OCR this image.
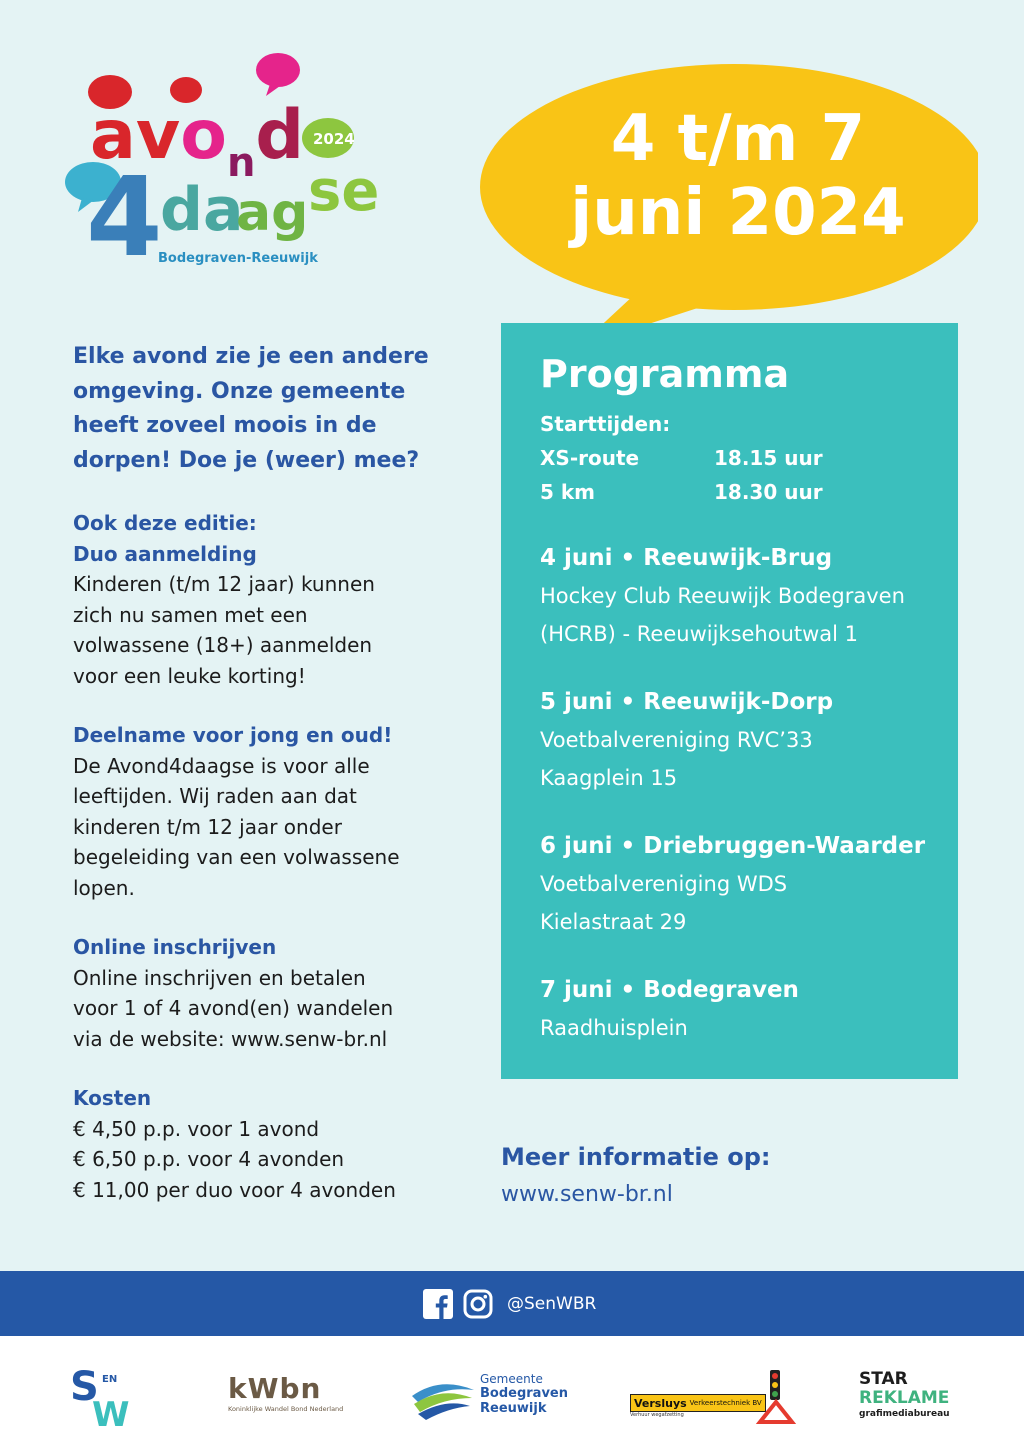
avo$_n$d 2024
4
da
ag se
Bodegraven-Reeuwijk
4 t/m 7
juni 2024
Programma
Starttijden:
XS-route	18.15 uur
5 km	18.30 uur
4 juni • Reeuwijk-Brug
Hockey Club Reeuwijk Bodegraven
(HCRB) - Reeuwijksehoutwal 1
5 juni • Reeuwijk-Dorp
Voetbalvereniging RVC’33
Kaagplein 15
6 juni • Driebruggen-Waarder
Voetbalvereniging WDS
Kielastraat 29
7 juni • Bodegraven
Raadhuisplein
Elke avond zie je een andere
omgeving. Onze gemeente
heeft zoveel moois in de
dorpen! Doe je (weer) mee?
Ook deze editie:
Duo aanmelding
Kinderen (t/m 12 jaar) kunnen
zich nu samen met een
volwassene (18+) aanmelden
voor een leuke korting!
Deelname voor jong en oud!
De Avond4daagse is voor alle
leeftijden. Wij raden aan dat
kinderen t/m 12 jaar onder
begeleiding van een volwassene
lopen.
Online inschrijven
Online inschrijven en betalen
voor 1 of 4 avond(en) wandelen
via de website: www.senw-br.nl
Kosten
€ 4,50 p.p. voor 1 avond
€ 6,50 p.p. voor 4 avonden
€ 11,00 per duo voor 4 avonden
Meer informatie op:
www.senw-br.nl
@SenWBR
S EN
W
kWbn
Koninklijke Wandel Bond Nederland
Gemeente
Bodegraven
Reeuwijk	Versluys Verkeerstechniek BV
Verhuur wegafzetting
STAR
REKLAME
grafimediabureau
